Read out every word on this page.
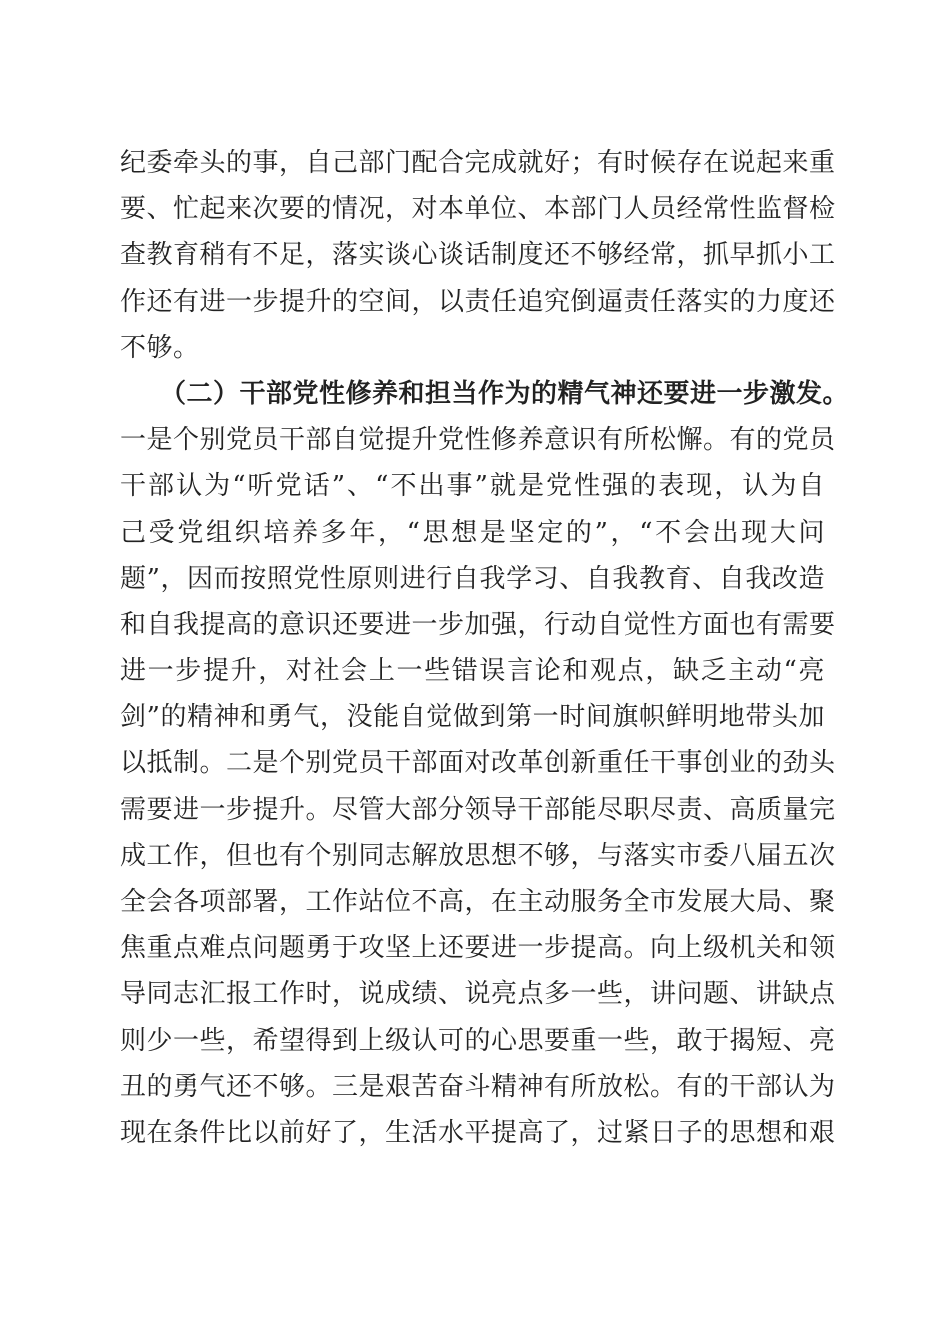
纪委牵头的事，自己部门配合完成就好；有时候存在说起来重
要、忙起来次要的情况，对本单位、本部门人员经常性监督检
查教育稍有不足，落实谈心谈话制度还不够经常，抓早抓小工
作还有进一步提升的空间，以责任追究倒逼责任落实的力度还
不够。
（二）干部党性修养和担当作为的精气神还要进一步激发。
一是个别党员干部自觉提升党性修养意识有所松懈。有的党员
干部认为“听党话”、“不出事”就是党性强的表现，认为自
己受党组织培养多年，“思想是坚定的”，“不会出现大问
题”，因而按照党性原则进行自我学习、自我教育、自我改造
和自我提高的意识还要进一步加强，行动自觉性方面也有需要
进一步提升，对社会上一些错误言论和观点，缺乏主动“亮
剑”的精神和勇气，没能自觉做到第一时间旗帜鲜明地带头加
以抵制。二是个别党员干部面对改革创新重任干事创业的劲头
需要进一步提升。尽管大部分领导干部能尽职尽责、高质量完
成工作，但也有个别同志解放思想不够，与落实市委八届五次
全会各项部署，工作站位不高，在主动服务全市发展大局、聚
焦重点难点问题勇于攻坚上还要进一步提高。向上级机关和领
导同志汇报工作时，说成绩、说亮点多一些，讲问题、讲缺点
则少一些，希望得到上级认可的心思要重一些，敢于揭短、亮
丑的勇气还不够。三是艰苦奋斗精神有所放松。有的干部认为
现在条件比以前好了，生活水平提高了，过紧日子的思想和艰
